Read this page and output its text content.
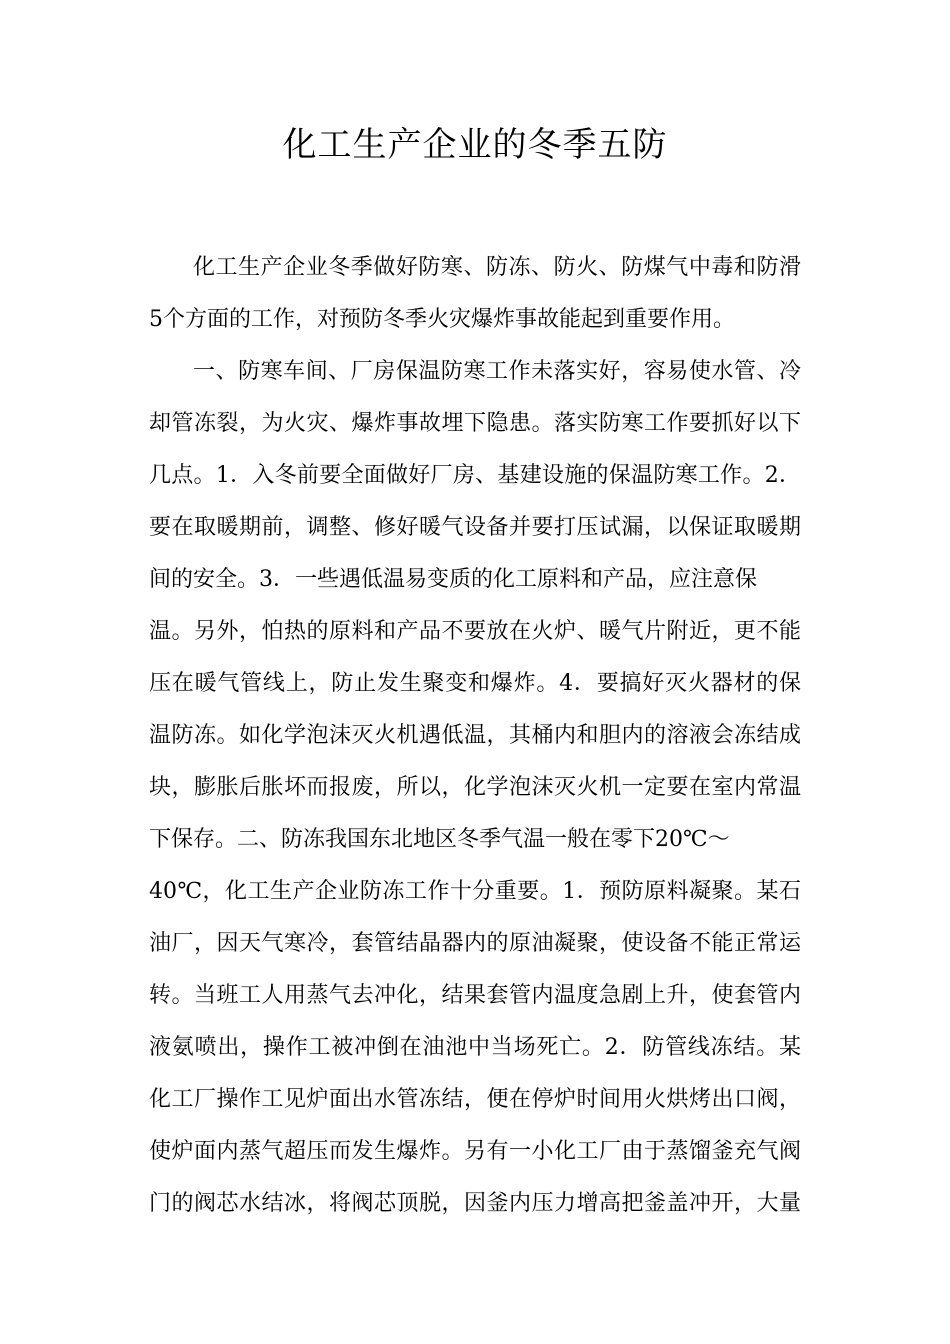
化工生产企业的冬季五防
化工生产企业冬季做好防寒、防冻、防火、防煤气中毒和防滑
5个方面的工作，对预防冬季火灾爆炸事故能起到重要作用。
一、防寒车间、厂房保温防寒工作未落实好，容易使水管、冷
却管冻裂，为火灾、爆炸事故埋下隐患。落实防寒工作要抓好以下
几点。1．入冬前要全面做好厂房、基建设施的保温防寒工作。2．
要在取暖期前，调整、修好暖气设备并要打压试漏，以保证取暖期
间的安全。3．一些遇低温易变质的化工原料和产品，应注意保
温。另外，怕热的原料和产品不要放在火炉、暖气片附近，更不能
压在暖气管线上，防止发生聚变和爆炸。4．要搞好灭火器材的保
温防冻。如化学泡沫灭火机遇低温，其桶内和胆内的溶液会冻结成
块，膨胀后胀坏而报废，所以，化学泡沫灭火机一定要在室内常温
下保存。二、防冻我国东北地区冬季气温一般在零下20℃～
40℃，化工生产企业防冻工作十分重要。1．预防原料凝聚。某石
油厂，因天气寒冷，套管结晶器内的原油凝聚，使设备不能正常运
转。当班工人用蒸气去冲化，结果套管内温度急剧上升，使套管内
液氨喷出，操作工被冲倒在油池中当场死亡。2．防管线冻结。某
化工厂操作工见炉面出水管冻结，便在停炉时间用火烘烤出口阀，
使炉面内蒸气超压而发生爆炸。另有一小化工厂由于蒸馏釜充气阀
门的阀芯水结冰，将阀芯顶脱，因釜内压力增高把釜盖冲开，大量
